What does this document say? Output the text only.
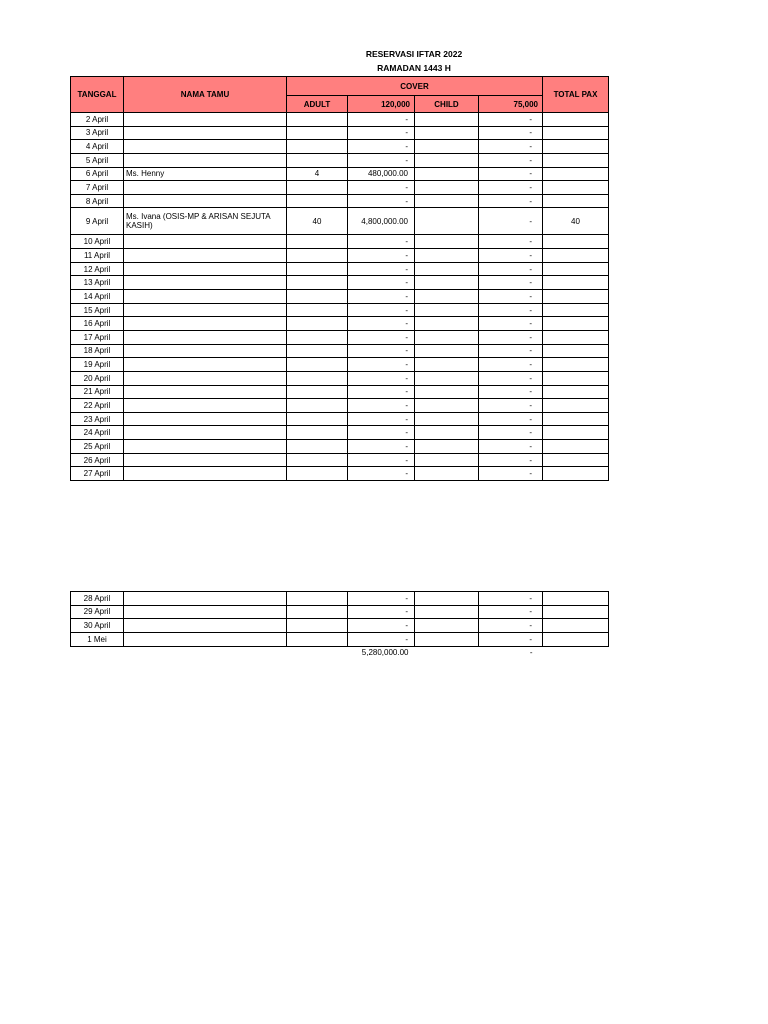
RESERVASI IFTAR 2022
RAMADAN 1443 H
TANGGAL	NAMA TAMU	COVER				TOTAL PAX
		ADULT	120,000	CHILD	75,000	
2 April			-		-	
3 April			-		-	
4 April			-		-	
5 April			-		-	
6 April	Ms. Henny	4	480,000.00		-	
7 April			-		-	
8 April			-		-	
9 April	Ms. Ivana (OSIS-MP & ARISAN SEJUTA KASIH)	40	4,800,000.00		-	40
10 April			-		-	
11 April			-		-	
12 April			-		-	
13 April			-		-	
14 April			-		-	
15 April			-		-	
16 April			-		-	
17 April			-		-	
18 April			-		-	
19 April			-		-	
20 April			-		-	
21 April			-		-	
22 April			-		-	
23 April			-		-	
24 April			-		-	
25 April			-		-	
26 April			-		-	
27 April			-		-	
28 April			-		-	
29 April			-		-	
30 April			-		-	
1 Mei			-		-	
			5,280,000.00		-	
